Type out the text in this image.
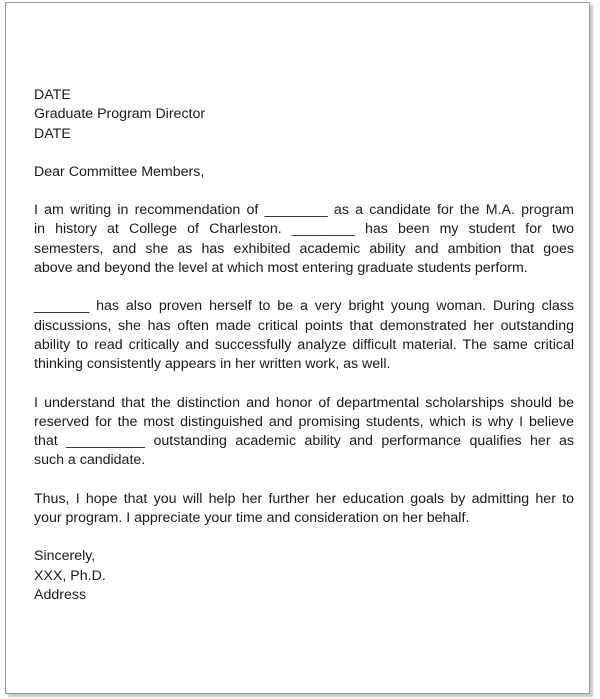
DATE
Graduate Program Director
DATE
Dear Committee Members,
I am writing in recommendation of ________ as a candidate for the M.A. program
in history at College of Charleston. ________ has been my student for two
semesters, and she as has exhibited academic ability and ambition that goes
above and beyond the level at which most entering graduate students perform.
_______ has also proven herself to be a very bright young woman. During class
discussions, she has often made critical points that demonstrated her outstanding
ability to read critically and successfully analyze difficult material. The same critical
thinking consistently appears in her written work, as well.
I understand that the distinction and honor of departmental scholarships should be
reserved for the most distinguished and promising students, which is why I believe
that __________ outstanding academic ability and performance qualifies her as
such a candidate.
Thus, I hope that you will help her further her education goals by admitting her to
your program. I appreciate your time and consideration on her behalf.
Sincerely,
XXX, Ph.D.
Address
